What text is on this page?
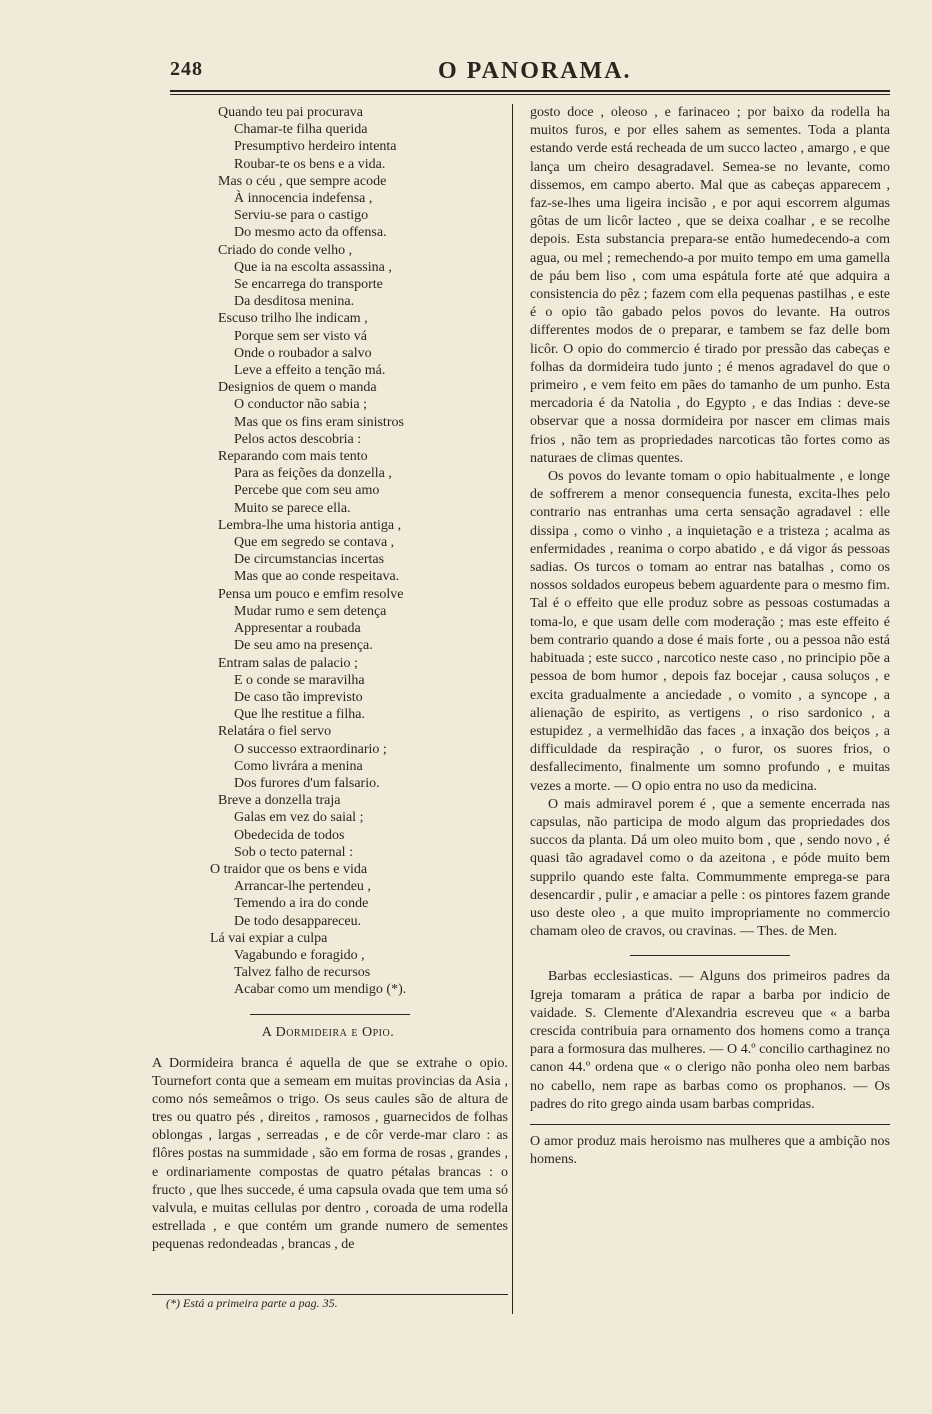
248	O PANORAMA.
Quando teu pai procurava
Chamar-te filha querida
Presumptivo herdeiro intenta
Roubar-te os bens e a vida.
Mas o céu , que sempre acode
À innocencia indefensa ,
Serviu-se para o castigo
Do mesmo acto da offensa.
Criado do conde velho ,
Que ia na escolta assassina ,
Se encarrega do transporte
Da desditosa menina.
Escuso trilho lhe indicam ,
Porque sem ser visto vá
Onde o roubador a salvo
Leve a effeito a tenção má.
Designios de quem o manda
O conductor não sabia ;
Mas que os fins eram sinistros
Pelos actos descobria :
Reparando com mais tento
Para as feições da donzella ,
Percebe que com seu amo
Muito se parece ella.
Lembra-lhe uma historia antiga ,
Que em segredo se contava ,
De circumstancias incertas
Mas que ao conde respeitava.
Pensa um pouco e emfim resolve
Mudar rumo e sem detença
Appresentar a roubada
De seu amo na presença.
Entram salas de palacio ;
E o conde se maravilha
De caso tão imprevisto
Que lhe restitue a filha.
Relatára o fiel servo
O successo extraordinario ;
Como livrára a menina
Dos furores d'um falsario.
Breve a donzella traja
Galas em vez do saial ;
Obedecida de todos
Sob o tecto paternal :
O traidor que os bens e vida
Arrancar-lhe pertendeu ,
Temendo a ira do conde
De todo desappareceu.
Lá vai expiar a culpa
Vagabundo e foragido ,
Talvez falho de recursos
Acabar como um mendigo (*).
A Dormideira e Opio.

A Dormideira branca é aquella de que se extrahe o opio. Tournefort conta que a semeam em muitas provincias da Asia , como nós semeâmos o trigo. Os seus caules são de altura de tres ou quatro pés , direitos , ramosos , guarnecidos de folhas oblongas , largas , serreadas , e de côr verde-mar claro : as flôres postas na summidade , são em forma de rosas , grandes , e ordinariamente compostas de quatro pétalas brancas : o fructo , que lhes succede, é uma capsula ovada que tem uma só valvula, e muitas cellulas por dentro , coroada de uma rodella estrellada , e que contém um grande numero de sementes pequenas redondeadas , brancas , de

(*) Está a primeira parte a pag. 35.

gosto doce , oleoso , e farinaceo ; por baixo da rodella ha muitos furos, e por elles sahem as sementes. Toda a planta estando verde está recheada de um succo lacteo , amargo , e que lança um cheiro desagradavel. Semea-se no levante, como dissemos, em campo aberto. Mal que as cabeças apparecem , faz-se-lhes uma ligeira incisão , e por aqui escorrem algumas gôtas de um licôr lacteo , que se deixa coalhar , e se recolhe depois. Esta substancia prepara-se então humedecendo-a com agua, ou mel ; remechendo-a por muito tempo em uma gamella de páu bem liso , com uma espátula forte até que adquira a consistencia do pêz ; fazem com ella pequenas pastilhas , e este é o opio tão gabado pelos povos do levante. Ha outros differentes modos de o preparar, e tambem se faz delle bom licôr. O opio do commercio é tirado por pressão das cabeças e folhas da dormideira tudo junto ; é menos agradavel do que o primeiro , e vem feito em pães do tamanho de um punho. Esta mercadoria é da Natolia , do Egypto , e das Indias : deve-se observar que a nossa dormideira por nascer em climas mais frios , não tem as propriedades narcoticas tão fortes como as naturaes de climas quentes.

Os povos do levante tomam o opio habitualmente , e longe de soffrerem a menor consequencia funesta, excita-lhes pelo contrario nas entranhas uma certa sensação agradavel : elle dissipa , como o vinho , a inquietação e a tristeza ; acalma as enfermidades , reanima o corpo abatido , e dá vigor ás pessoas sadias. Os turcos o tomam ao entrar nas batalhas , como os nossos soldados europeus bebem aguardente para o mesmo fim. Tal é o effeito que elle produz sobre as pessoas costumadas a toma-lo, e que usam delle com moderação ; mas este effeito é bem contrario quando a dose é mais forte , ou a pessoa não está habituada ; este succo , narcotico neste caso , no principio põe a pessoa de bom humor , depois faz bocejar , causa soluços , e excita gradualmente a anciedade , o vomito , a syncope , a alienação de espirito, as vertigens , o riso sardonico , a estupidez , a vermelhidão das faces , a inxação dos beiços , a difficuldade da respiração , o furor, os suores frios, o desfallecimento, finalmente um somno profundo , e muitas vezes a morte. — O opio entra no uso da medicina.

O mais admiravel porem é , que a semente encerrada nas capsulas, não participa de modo algum das propriedades dos succos da planta. Dá um oleo muito bom , que , sendo novo , é quasi tão agradavel como o da azeitona , e póde muito bem supprilo quando este falta. Commummente emprega-se para desencardir , pulir , e amaciar a pelle : os pintores fazem grande uso deste oleo , a que muito impropriamente no commercio chamam oleo de cravos, ou cravinas. — Thes. de Men.

Barbas ecclesiasticas. — Alguns dos primeiros padres da Igreja tomaram a prática de rapar a barba por indicio de vaidade. S. Clemente d'Alexandria escreveu que « a barba crescida contribuia para ornamento dos homens como a trança para a formosura das mulheres. — O 4.º concilio carthaginez no canon 44.º ordena que « o clerigo não ponha oleo nem barbas no cabello, nem rape as barbas como os prophanos. — Os padres do rito grego ainda usam barbas compridas.

O amor produz mais heroismo nas mulheres que a ambição nos homens.
